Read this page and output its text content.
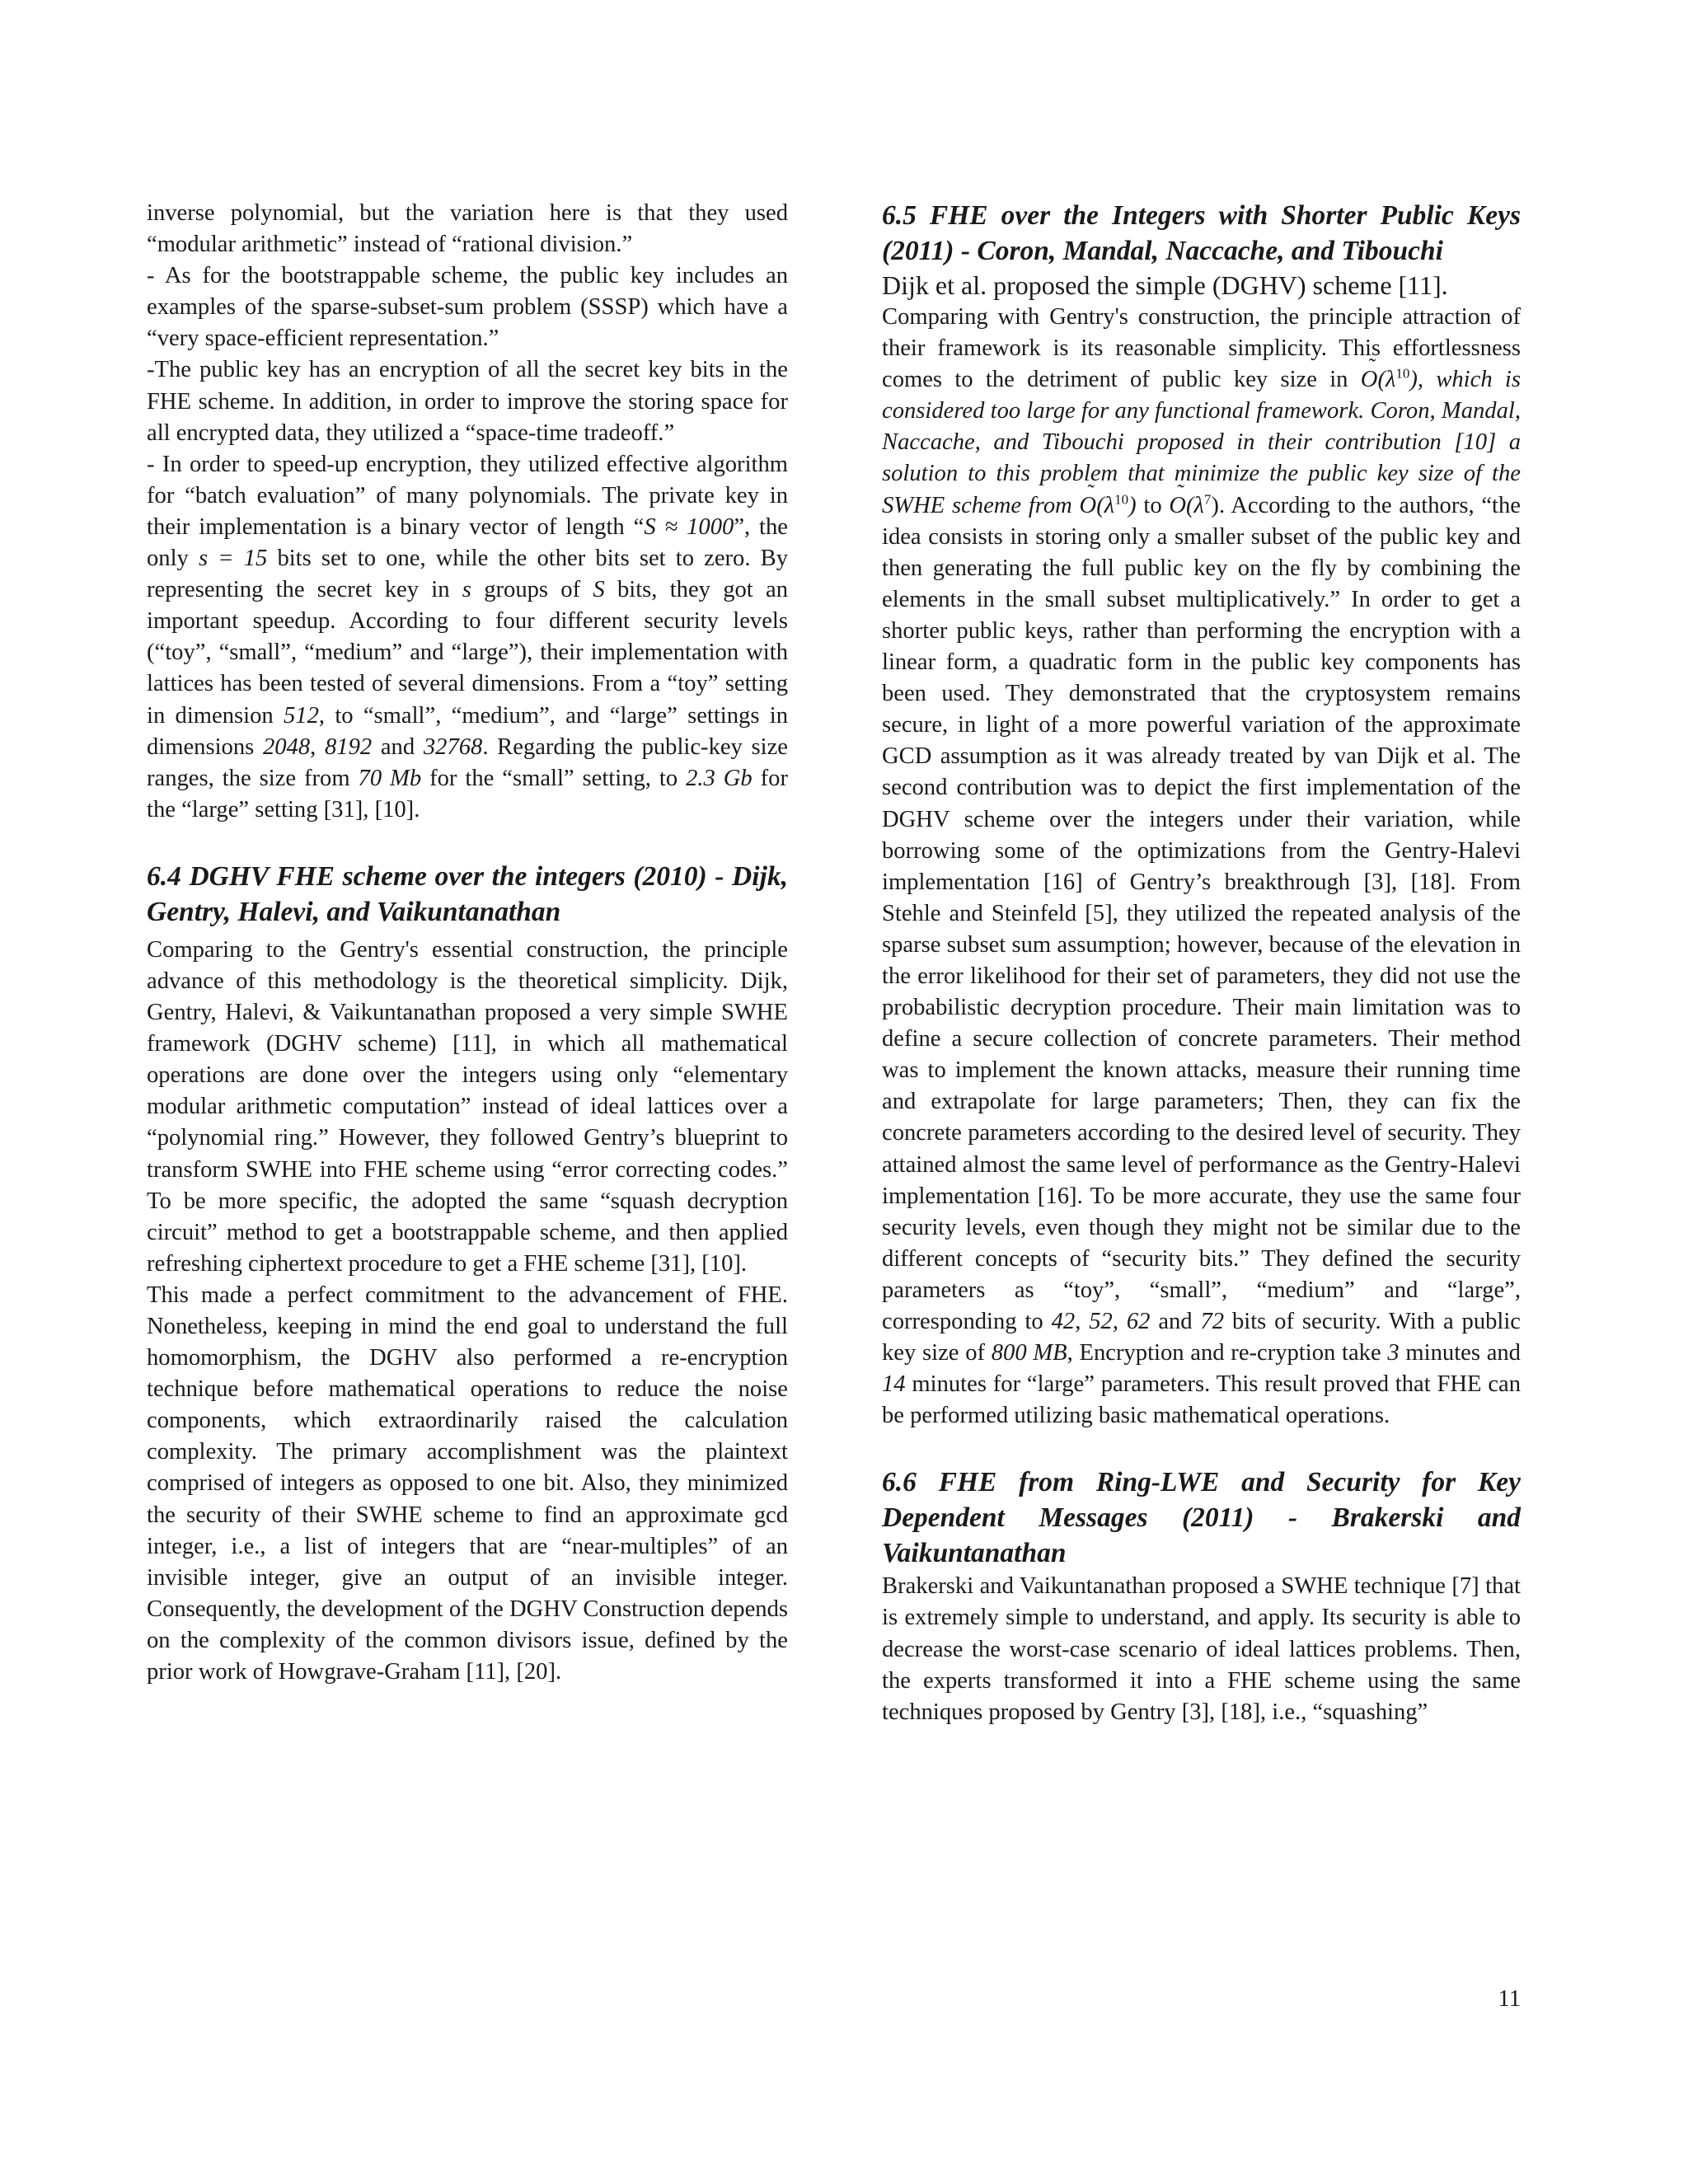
inverse polynomial, but the variation here is that they used “modular arithmetic” instead of “rational division.”

- As for the bootstrappable scheme, the public key includes an examples of the sparse-subset-sum problem (SSSP) which have a “very space-efficient representation.”

-The public key has an encryption of all the secret key bits in the FHE scheme. In addition, in order to improve the storing space for all encrypted data, they utilized a “space-time tradeoff.”

- In order to speed-up encryption, they utilized effective algorithm for “batch evaluation” of many polynomials. The private key in their implementation is a binary vector of length “S ≈ 1000”, the only s = 15 bits set to one, while the other bits set to zero. By representing the secret key in s groups of S bits, they got an important speedup. According to four different security levels (“toy”, “small”, “medium” and “large”), their implementation with lattices has been tested of several dimensions. From a “toy” setting in dimension 512, to “small”, “medium”, and “large” settings in dimensions 2048, 8192 and 32768. Regarding the public-key size ranges, the size from 70 Mb for the “small” setting, to 2.3 Gb for the “large” setting [31], [10].

6.4 DGHV FHE scheme over the integers (2010) - Dijk, Gentry, Halevi, and Vaikuntanathan

Comparing to the Gentry's essential construction, the principle advance of this methodology is the theoretical simplicity. Dijk, Gentry, Halevi, & Vaikuntanathan proposed a very simple SWHE framework (DGHV scheme) [11], in which all mathematical operations are done over the integers using only “elementary modular arithmetic computation” instead of ideal lattices over a “polynomial ring.” However, they followed Gentry’s blueprint to transform SWHE into FHE scheme using “error correcting codes.” To be more specific, the adopted the same “squash decryption circuit” method to get a bootstrappable scheme, and then applied refreshing ciphertext procedure to get a FHE scheme [31], [10].

This made a perfect commitment to the advancement of FHE. Nonetheless, keeping in mind the end goal to understand the full homomorphism, the DGHV also performed a re-encryption technique before mathematical operations to reduce the noise components, which extraordinarily raised the calculation complexity. The primary accomplishment was the plaintext comprised of integers as opposed to one bit. Also, they minimized the security of their SWHE scheme to find an approximate gcd integer, i.e., a list of integers that are “near-multiples” of an invisible integer, give an output of an invisible integer. Consequently, the development of the DGHV Construction depends on the complexity of the common divisors issue, defined by the prior work of Howgrave-Graham [11], [20].

6.5 FHE over the Integers with Shorter Public Keys (2011) - Coron, Mandal, Naccache, and Tibouchi

Dijk et al. proposed the simple (DGHV) scheme [11].

Comparing with Gentry's construction, the principle attraction of their framework is its reasonable simplicity. This effortlessness comes to the detriment of public key size in O $˜(\lambda^{10})$, which is considered too large for any functional framework. Coron, Mandal, Naccache, and Tibouchi proposed in their contribution [10] a solution to this problem that minimize the public key size of the SWHE scheme from O $˜(\lambda^{10})$ to O $˜(\lambda^7)$. According to the authors, “the idea consists in storing only a smaller subset of the public key and then generating the full public key on the fly by combining the elements in the small subset multiplicatively.” In order to get a shorter public keys, rather than performing the encryption with a linear form, a quadratic form in the public key components has been used. They demonstrated that the cryptosystem remains secure, in light of a more powerful variation of the approximate GCD assumption as it was already treated by van Dijk et al. The second contribution was to depict the first implementation of the DGHV scheme over the integers under their variation, while borrowing some of the optimizations from the Gentry-Halevi implementation [16] of Gentry’s breakthrough [3], [18]. From Stehle and Steinfeld [5], they utilized the repeated analysis of the sparse subset sum assumption; however, because of the elevation in the error likelihood for their set of parameters, they did not use the probabilistic decryption procedure. Their main limitation was to define a secure collection of concrete parameters. Their method was to implement the known attacks, measure their running time and extrapolate for large parameters; Then, they can fix the concrete parameters according to the desired level of security. They attained almost the same level of performance as the Gentry-Halevi implementation [16]. To be more accurate, they use the same four security levels, even though they might not be similar due to the different concepts of “security bits.” They defined the security parameters as “toy”, “small”, “medium” and “large”, corresponding to 42, 52, 62 and 72 bits of security. With a public key size of 800 MB, Encryption and re-cryption take 3 minutes and 14 minutes for “large” parameters. This result proved that FHE can be performed utilizing basic mathematical operations.

6.6 FHE from Ring-LWE and Security for Key Dependent Messages (2011) - Brakerski and Vaikuntanathan

Brakerski and Vaikuntanathan proposed a SWHE technique [7] that is extremely simple to understand, and apply. Its security is able to decrease the worst-case scenario of ideal lattices problems. Then, the experts transformed it into a FHE scheme using the same techniques proposed by Gentry [3], [18], i.e., “squashing”

11
